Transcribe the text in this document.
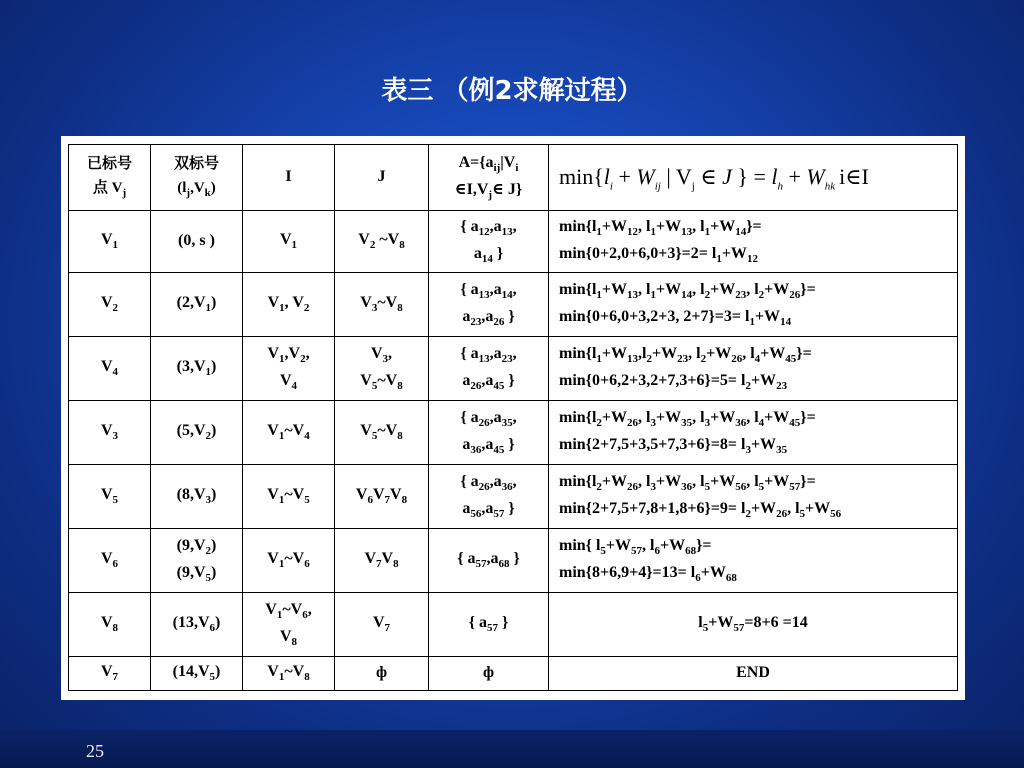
表三 （例2求解过程）
已标号
点 $V_j$	双标号
$(l_j,V_k)$	I	J	$A=\{a_{ij}|V_i$
$\in I,V_j\in$ J}	$\min\{l_i + W_{ij}$ | $V_j$ ∈ J } = $l_h + W_{hk}$ i∈I
$V_1$	(0, s )	$V_1$	$V_2$ $\sim V_8$	{ $a_{12},a_{13}$,
$a_{14}$ }	$\min\{l_1+W_{12}$, $l_1+W_{13}$, $l_1+W_{14}\}=$
$\min\{0+2,0+6,0+3\}=2= l_1+W_{12}$
$V_2$	$(2,V_1)$	$V_1$, $V_2$	$V_3\sim V_8$	{ $a_{13},a_{14}$,
$a_{23},a_{26}$ }	$\min\{l_1+W_{13}$, $l_1+W_{14}$, $l_2+W_{23}$, $l_2+W_{26}\}=$
min{0+6,0+3,2+3, $2+7\}=3= l_1+W_{14}$
$V_4$	$(3,V_1)$	$V_1,V_2$,
$V_4$	$V_3$,
$V_5\sim V_8$	{ $a_{13},a_{23}$,
$a_{26},a_{45}$ }	$\min\{l_1+W_{13},l_2+W_{23}$, $l_2+W_{26}$, $l_4+W_{45}\}=$
$\min\{0+6,2+3,2+7,3+6\}=5= l_2+W_{23}$
$V_3$	$(5,V_2)$	$V_1\sim V_4$	$V_5\sim V_8$	{ $a_{26},a_{35}$,
$a_{36},a_{45}$ }	$\min\{l_2+W_{26}$, $l_3+W_{35}$, $l_3+W_{36}$, $l_4+W_{45}\}=$
$\min\{2+7,5+3,5+7,3+6\}=8= l_3+W_{35}$
$V_5$	$(8,V_3)$	$V_1\sim V_5$	$V_6V_7V_8$	{ $a_{26},a_{36}$,
$a_{56},a_{57}$ }	$\min\{l_2+W_{26}$, $l_3+W_{36}$, $l_5+W_{56}$, $l_5+W_{57}\}=$
$\min\{2+7,5+7,8+1,8+6\}=9= l_2+W_{26}$, $l_5+W_{56}$
$V_6$	$(9,V_2)$
$(9,V_5)$	$V_1\sim V_6$	$V_7V_8$	{ $a_{57},a_{68}$ }	min{ $l_5+W_{57}$, $l_6+W_{68}\}=$
$\min\{8+6,9+4\}=13= l_6+W_{68}$
$V_8$	$(13,V_6)$	$V_1\sim V_6$,
$V_8$	$V_7$	{ $a_{57}$ }	$l_5+W_{57}=8+6 =14$
$V_7$	$(14,V_5)$	$V_1\sim V_8$	ф	ф	END
25
